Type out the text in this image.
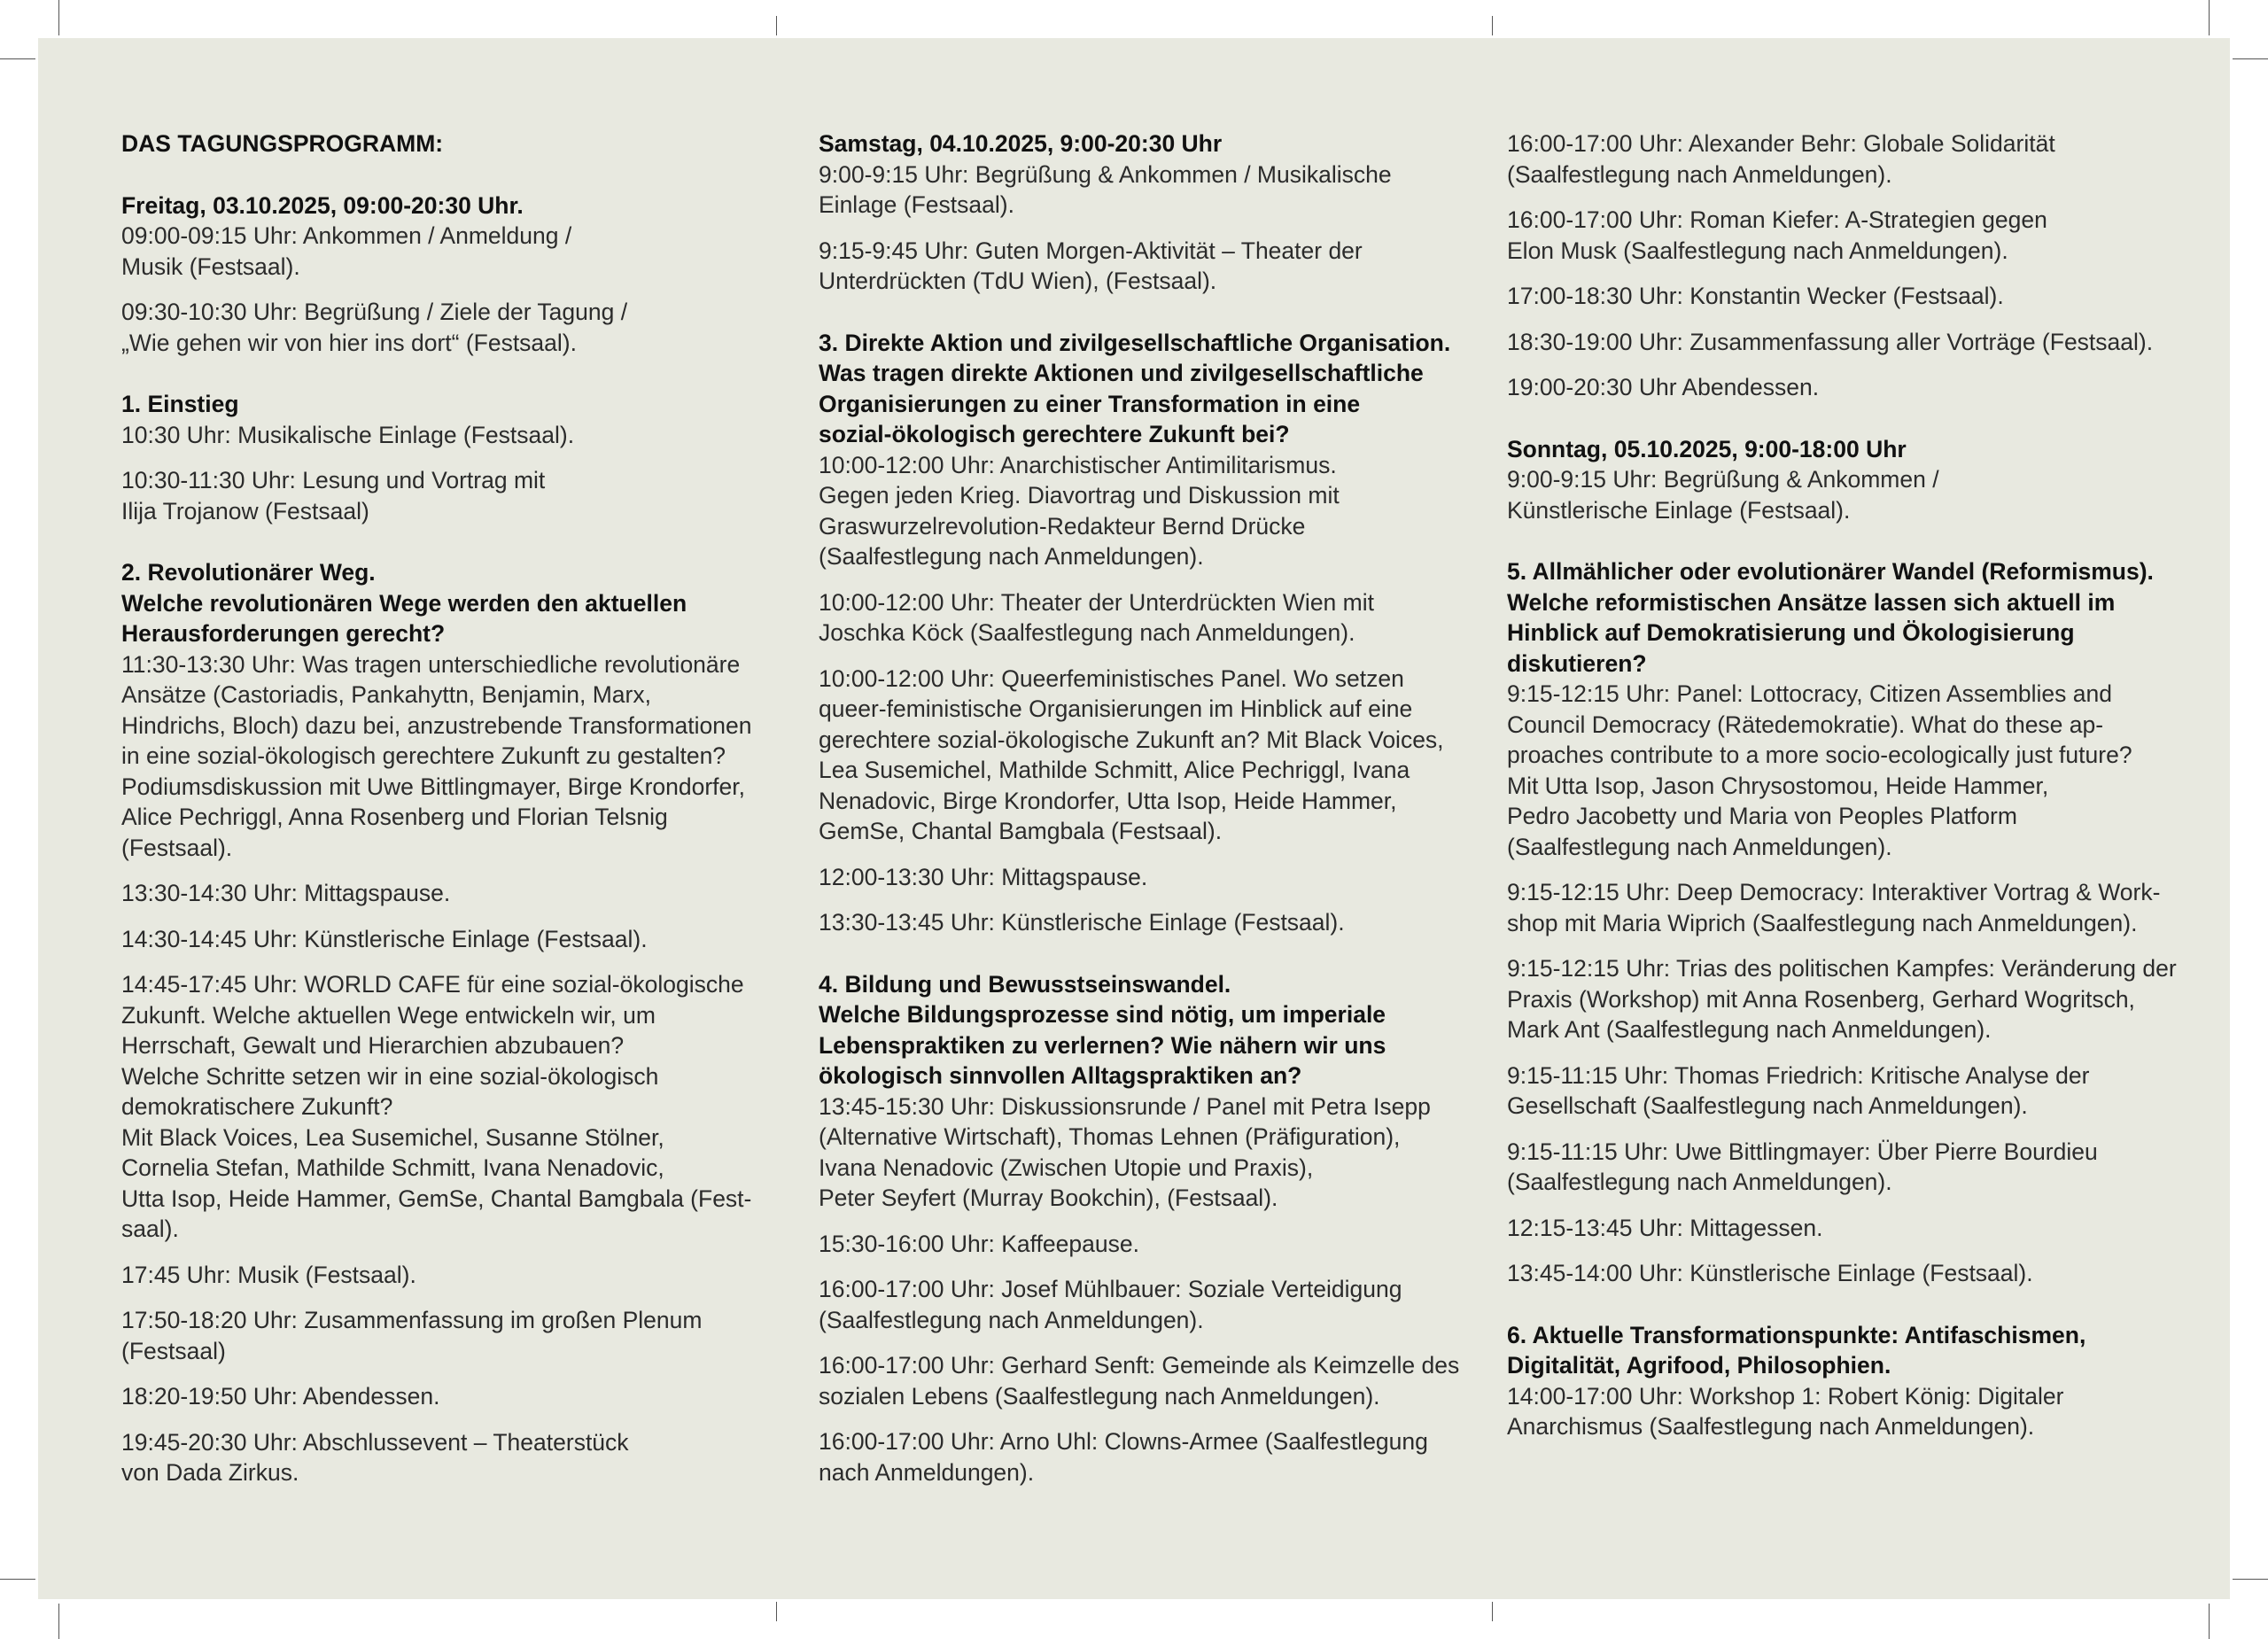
DAS TAGUNGSPROGRAMM:
Freitag, 03.10.2025, 09:00-20:30 Uhr.
09:00-09:15 Uhr: Ankommen / Anmeldung /
Musik (Festsaal).
09:30-10:30 Uhr: Begrüßung / Ziele der Tagung /
„Wie gehen wir von hier ins dort“ (Festsaal).
1. Einstieg
10:30 Uhr: Musikalische Einlage (Festsaal).
10:30-11:30 Uhr: Lesung und Vortrag mit
Ilija Trojanow (Festsaal)
2. Revolutionärer Weg.
Welche revolutionären Wege werden den aktuellen
Herausforderungen gerecht?
11:30-13:30 Uhr: Was tragen unterschiedliche revolutionäre
Ansätze (Castoriadis, Pankahyttn, Benjamin, Marx,
Hindrichs, Bloch) dazu bei, anzustrebende Transformationen
in eine sozial-ökologisch gerechtere Zukunft zu gestalten?
Podiumsdiskussion mit Uwe Bittlingmayer, Birge Krondorfer,
Alice Pechriggl, Anna Rosenberg und Florian Telsnig
(Festsaal).
13:30-14:30 Uhr: Mittagspause.
14:30-14:45 Uhr: Künstlerische Einlage (Festsaal).
14:45-17:45 Uhr: WORLD CAFE für eine sozial-ökologische
Zukunft. Welche aktuellen Wege entwickeln wir, um
Herrschaft, Gewalt und Hierarchien abzubauen?
Welche Schritte setzen wir in eine sozial-ökologisch
demokratischere Zukunft?
Mit Black Voices, Lea Susemichel, Susanne Stölner,
Cornelia Stefan, Mathilde Schmitt, Ivana Nenadovic,
Utta Isop, Heide Hammer, GemSe, Chantal Bamgbala (Fest-
saal).
17:45 Uhr: Musik (Festsaal).
17:50-18:20 Uhr: Zusammenfassung im großen Plenum
(Festsaal)
18:20-19:50 Uhr: Abendessen.
19:45-20:30 Uhr: Abschlussevent – Theaterstück
von Dada Zirkus.
Samstag, 04.10.2025, 9:00-20:30 Uhr
9:00-9:15 Uhr: Begrüßung & Ankommen / Musikalische
Einlage (Festsaal).
9:15-9:45 Uhr: Guten Morgen-Aktivität – Theater der
Unterdrückten (TdU Wien), (Festsaal).
3. Direkte Aktion und zivilgesellschaftliche Organisation.
Was tragen direkte Aktionen und zivilgesellschaftliche
Organisierungen zu einer Transformation in eine
sozial-ökologisch gerechtere Zukunft bei?
10:00-12:00 Uhr: Anarchistischer Antimilitarismus.
Gegen jeden Krieg. Diavortrag und Diskussion mit
Graswurzelrevolution-Redakteur Bernd Drücke
(Saalfestlegung nach Anmeldungen).
10:00-12:00 Uhr: Theater der Unterdrückten Wien mit
Joschka Köck (Saalfestlegung nach Anmeldungen).
10:00-12:00 Uhr: Queerfeministisches Panel. Wo setzen
queer-feministische Organisierungen im Hinblick auf eine
gerechtere sozial-ökologische Zukunft an? Mit Black Voices,
Lea Susemichel, Mathilde Schmitt, Alice Pechriggl, Ivana
Nenadovic, Birge Krondorfer, Utta Isop, Heide Hammer,
GemSe, Chantal Bamgbala (Festsaal).
12:00-13:30 Uhr: Mittagspause.
13:30-13:45 Uhr: Künstlerische Einlage (Festsaal).
4. Bildung und Bewusstseinswandel.
Welche Bildungsprozesse sind nötig, um imperiale
Lebenspraktiken zu verlernen? Wie nähern wir uns
ökologisch sinnvollen Alltagspraktiken an?
13:45-15:30 Uhr: Diskussionsrunde / Panel mit Petra Isepp
(Alternative Wirtschaft), Thomas Lehnen (Präfiguration),
Ivana Nenadovic (Zwischen Utopie und Praxis),
Peter Seyfert (Murray Bookchin), (Festsaal).
15:30-16:00 Uhr: Kaffeepause.
16:00-17:00 Uhr: Josef Mühlbauer: Soziale Verteidigung
(Saalfestlegung nach Anmeldungen).
16:00-17:00 Uhr: Gerhard Senft: Gemeinde als Keimzelle des
sozialen Lebens (Saalfestlegung nach Anmeldungen).
16:00-17:00 Uhr: Arno Uhl: Clowns-Armee (Saalfestlegung
nach Anmeldungen).
16:00-17:00 Uhr: Alexander Behr: Globale Solidarität
(Saalfestlegung nach Anmeldungen).
16:00-17:00 Uhr: Roman Kiefer: A-Strategien gegen
Elon Musk (Saalfestlegung nach Anmeldungen).
17:00-18:30 Uhr: Konstantin Wecker (Festsaal).
18:30-19:00 Uhr: Zusammenfassung aller Vorträge (Festsaal).
19:00-20:30 Uhr Abendessen.
Sonntag, 05.10.2025, 9:00-18:00 Uhr
9:00-9:15 Uhr: Begrüßung & Ankommen /
Künstlerische Einlage (Festsaal).
5. Allmählicher oder evolutionärer Wandel (Reformismus).
Welche reformistischen Ansätze lassen sich aktuell im
Hinblick auf Demokratisierung und Ökologisierung
diskutieren?
9:15-12:15 Uhr: Panel: Lottocracy, Citizen Assemblies and
Council Democracy (Rätedemokratie). What do these ap-
proaches contribute to a more socio-ecologically just future?
Mit Utta Isop, Jason Chrysostomou, Heide Hammer,
Pedro Jacobetty und Maria von Peoples Platform
(Saalfestlegung nach Anmeldungen).
9:15-12:15 Uhr: Deep Democracy: Interaktiver Vortrag & Work-
shop mit Maria Wiprich (Saalfestlegung nach Anmeldungen).
9:15-12:15 Uhr: Trias des politischen Kampfes: Veränderung der
Praxis (Workshop) mit Anna Rosenberg, Gerhard Wogritsch,
Mark Ant (Saalfestlegung nach Anmeldungen).
9:15-11:15 Uhr: Thomas Friedrich: Kritische Analyse der
Gesellschaft (Saalfestlegung nach Anmeldungen).
9:15-11:15 Uhr: Uwe Bittlingmayer: Über Pierre Bourdieu
(Saalfestlegung nach Anmeldungen).
12:15-13:45 Uhr: Mittagessen.
13:45-14:00 Uhr: Künstlerische Einlage (Festsaal).
6. Aktuelle Transformationspunkte: Antifaschismen,
Digitalität, Agrifood, Philosophien.
14:00-17:00 Uhr: Workshop 1: Robert König: Digitaler
Anarchismus (Saalfestlegung nach Anmeldungen).
